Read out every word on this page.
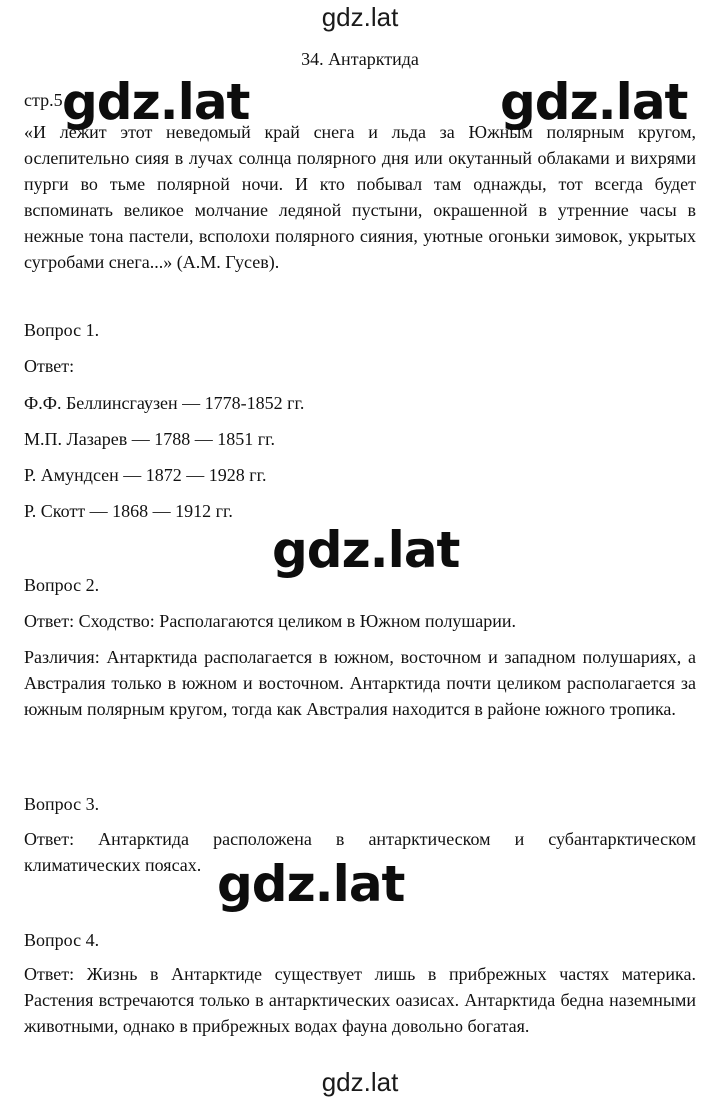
gdz.lat
34. Антарктида
стр.5
«И лежит этот неведомый край снега и льда за Южным полярным кругом, ослепительно сияя в лучах солнца полярного дня или окутанный облаками и вихрями пурги во тьме полярной ночи. И кто побывал там однажды, тот всегда будет вспоминать великое молчание ледяной пустыни, окрашенной в утренние часы в нежные тона пастели, всполохи полярного сияния, уютные огоньки зимовок, укрытых сугробами снега...» (А.М. Гусев).
Вопрос 1.
Ответ:
Ф.Ф. Беллинсгаузен — 1778-1852 гг.
М.П. Лазарев — 1788 — 1851 гг.
Р. Амундсен — 1872 — 1928 гг.
Р. Скотт — 1868 — 1912 гг.
Вопрос 2.
Ответ: Сходство: Располагаются целиком в Южном полушарии.
Различия: Антарктида располагается в южном, восточном и западном полушариях, а Австралия только в южном и восточном. Антарктида почти целиком располагается за южным полярным кругом, тогда как Австралия находится в районе южного тропика.
Вопрос 3.
Ответ: Антарктида расположена в антарктическом и субантарктическом климатических поясах.
Вопрос 4.
Ответ: Жизнь в Антарктиде существует лишь в прибрежных частях материка. Растения встречаются только в антарктических оазисах. Антарктида бедна наземными животными, однако в прибрежных водах фауна довольно богатая.
gdz.lat	gdz.lat
gdz.lat
gdz.lat
gdz.lat
